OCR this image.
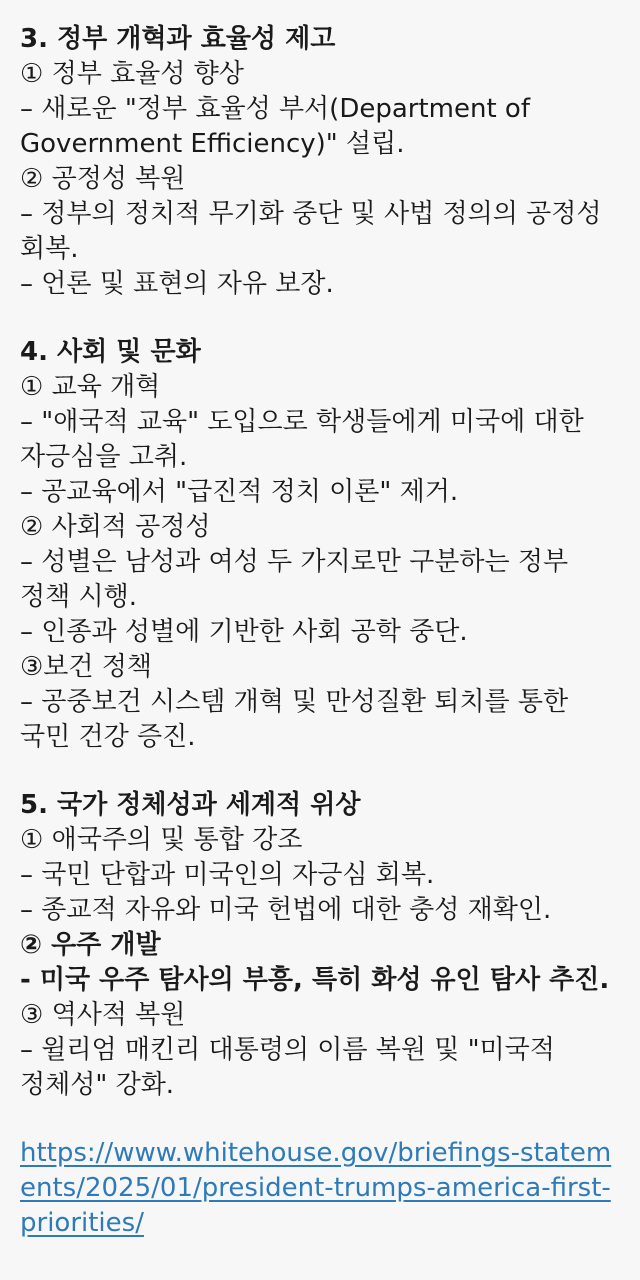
3. 정부 개혁과 효율성 제고
① 정부 효율성 향상
– 새로운 "정부 효율성 부서(Department of Government Efficiency)" 설립.
② 공정성 복원
– 정부의 정치적 무기화 중단 및 사법 정의의 공정성 회복.
– 언론 및 표현의 자유 보장.
4. 사회 및 문화
① 교육 개혁
– "애국적 교육" 도입으로 학생들에게 미국에 대한 자긍심을 고취.
– 공교육에서 "급진적 정치 이론" 제거.
② 사회적 공정성
– 성별은 남성과 여성 두 가지로만 구분하는 정부 정책 시행.
– 인종과 성별에 기반한 사회 공학 중단.
③보건 정책
– 공중보건 시스템 개혁 및 만성질환 퇴치를 통한 국민 건강 증진.
5. 국가 정체성과 세계적 위상
① 애국주의 및 통합 강조
– 국민 단합과 미국인의 자긍심 회복.
– 종교적 자유와 미국 헌법에 대한 충성 재확인.
② 우주 개발
- 미국 우주 탐사의 부흥, 특히 화성 유인 탐사 추진.
③ 역사적 복원
– 윌리엄 매킨리 대통령의 이름 복원 및 "미국적 정체성" 강화.
https://www.whitehouse.gov/briefings-statements/2025/01/president-trumps-america-first-priorities/
